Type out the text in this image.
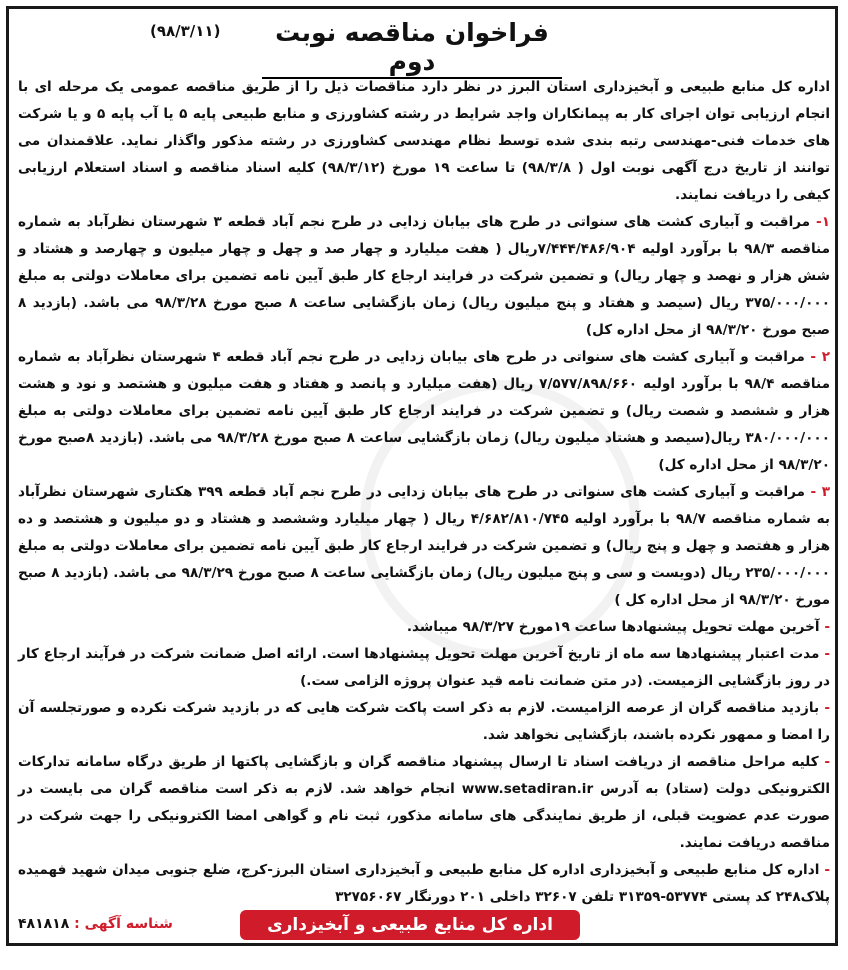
(۹۸/۳/۱۱)	فراخوان مناقصه نوبت دوم

اداره کل منابع طبیعی و آبخیزداری استان البرز در نظر دارد مناقصات ذیل را از طریق مناقصه عمومی یک مرحله ای با انجام ارزیابی توان اجرای کار به پیمانکاران واجد شرایط در رشته کشاورزی و منابع طبیعی پایه ۵ یا آب پایه ۵ و یا شرکت های خدمات فنی-مهندسی رتبه بندی شده توسط نظام مهندسی کشاورزی در رشته مذکور واگذار نماید. علاقمندان می توانند از تاریخ درج آگهی نوبت اول ( ۹۸/۳/۸) تا ساعت ۱۹ مورخ (۹۸/۳/۱۲) کلیه اسناد مناقصه و اسناد استعلام ارزیابی کیفی را دریافت نمایند.

۱- مراقبت و آبیاری کشت های سنواتی در طرح های بیابان زدایی در طرح نجم آباد قطعه ۳ شهرستان نظرآباد به شماره مناقصه ۹۸/۳ با برآورد اولیه ۷/۴۴۴/۴۸۶/۹۰۴ریال ( هفت میلیارد و چهار صد و چهل و چهار میلیون و چهارصد و هشتاد و شش هزار و نهصد و چهار ریال) و تضمین شرکت در فرایند ارجاع کار طبق آیین نامه تضمین برای معاملات دولتی به مبلغ ۳۷۵/۰۰۰/۰۰۰ ریال (سیصد و هفتاد و پنج میلیون ریال) زمان بازگشایی ساعت ۸ صبح مورخ ۹۸/۳/۲۸ می باشد. (بازدید ۸ صبح مورخ ۹۸/۳/۲۰ از محل اداره کل)

۲ - مراقبت و آبیاری کشت های سنواتی در طرح های بیابان زدایی در طرح نجم آباد قطعه ۴ شهرستان نظرآباد به شماره مناقصه ۹۸/۴ با برآورد اولیه ۷/۵۷۷/۸۹۸/۶۶۰ ریال (هفت میلیارد و پانصد و هفتاد و هفت میلیون و هشتصد و نود و هشت هزار و ششصد و شصت ریال) و تضمین شرکت در فرایند ارجاع کار طبق آیین نامه تضمین برای معاملات دولتی به مبلغ ۳۸۰/۰۰۰/۰۰۰ ریال(سیصد و هشتاد میلیون ریال) زمان بازگشایی ساعت ۸ صبح مورخ ۹۸/۳/۲۸ می باشد. (بازدید ۸صبح مورخ ۹۸/۳/۲۰ از محل اداره کل)

۳ - مراقبت و آبیاری کشت های سنواتی در طرح های بیابان زدایی در طرح نجم آباد قطعه ۳۹۹ هکتاری شهرستان نظرآباد به شماره مناقصه ۹۸/۷ با برآورد اولیه ۴/۶۸۲/۸۱۰/۷۴۵ ریال ( چهار میلیارد وششصد و هشتاد و دو میلیون و هشتصد و ده هزار و هفتصد و چهل و پنج ریال) و تضمین شرکت در فرایند ارجاع کار طبق آیین نامه تضمین برای معاملات دولتی به مبلغ ۲۳۵/۰۰۰/۰۰۰ ریال (دویست و سی و پنج میلیون ریال) زمان بازگشایی ساعت ۸ صبح مورخ ۹۸/۳/۲۹ می باشد. (بازدید ۸ صبح مورخ ۹۸/۳/۲۰ از محل اداره کل )

- آخرین مهلت تحویل پیشنهادها ساعت ۱۹مورخ ۹۸/۳/۲۷ میباشد.

- مدت اعتبار پیشنهادها سه ماه از تاریخ آخرین مهلت تحویل پیشنهادها است. ارائه اصل ضمانت شرکت در فرآیند ارجاع کار در روز بازگشایی الزمیست. (در متن ضمانت نامه قید عنوان پروژه الزامی ست.)

- بازدید مناقصه گران از عرصه الزامیست. لازم به ذکر است پاکت شرکت هایی که در بازدید شرکت نکرده و صورتجلسه آن را امضا و ممهور نکرده باشند، بازگشایی نخواهد شد.

- کلیه مراحل مناقصه از دریافت اسناد تا ارسال پیشنهاد مناقصه گران و بازگشایی پاکتها از طریق درگاه سامانه تدارکات الکترونیکی دولت (ستاد) به آدرس www.setadiran.ir انجام خواهد شد. لازم به ذکر است مناقصه گران می بایست در صورت عدم عضویت قبلی، از طریق نمایندگی های سامانه مذکور، ثبت نام و گواهی امضا الکترونیکی را جهت شرکت در مناقصه دریافت نمایند.

- اداره کل منابع طبیعی و آبخیزداری اداره کل منابع طبیعی و آبخیزداری استان البرز-کرج، ضلع جنوبی میدان شهید فهمیده پلاک۲۴۸ کد پستی ۵۳۷۷۴-۳۱۳۵۹ تلفن ۳۲۶۰۷ داخلی ۲۰۱ دورنگار ۳۲۷۵۶۰۶۷

شناسه آگهی : ۴۸۱۸۱۸	اداره کل منابع طبیعی و آبخیزداری استان البرز
